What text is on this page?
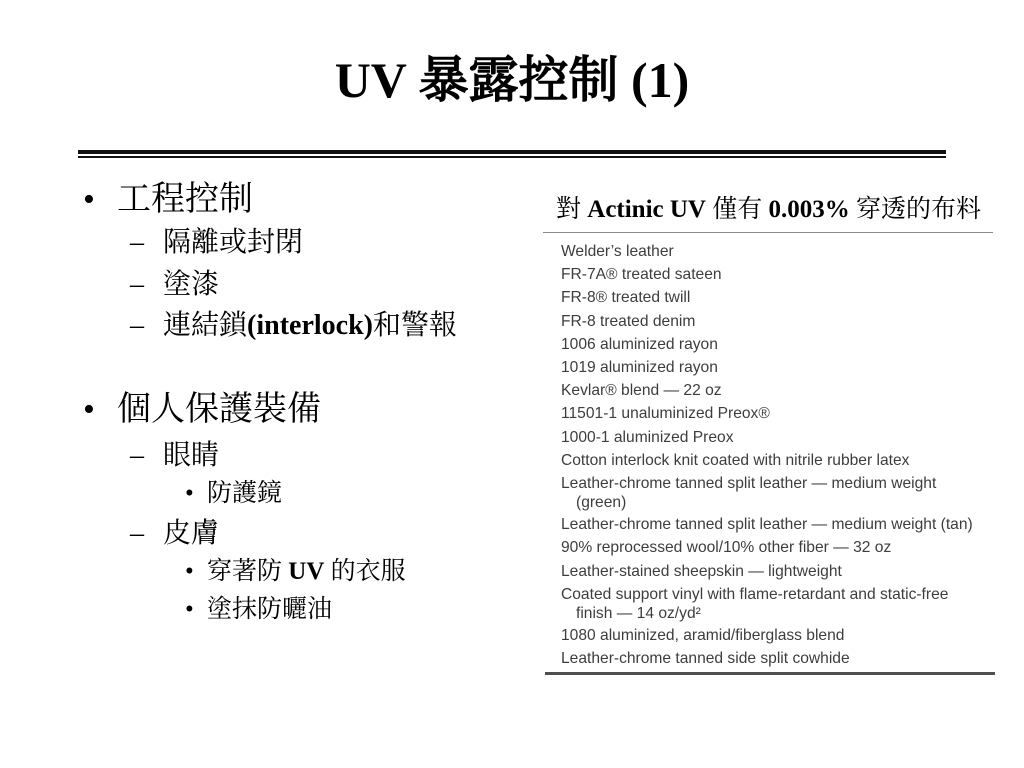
UV 暴露控制 (1)
• 工程控制
– 隔離或封閉
– 塗漆
– 連結鎖(interlock)和警報
• 個人保護裝備
– 眼睛
• 防護鏡
– 皮膚
• 穿著防 UV 的衣服
• 塗抹防曬油
對 Actinic UV 僅有 0.003% 穿透的布料
Welder’s leather
FR-7A® treated sateen
FR-8® treated twill
FR-8 treated denim
1006 aluminized rayon
1019 aluminized rayon
Kevlar® blend — 22 oz
11501-1 unaluminized Preox®
1000-1 aluminized Preox
Cotton interlock knit coated with nitrile rubber latex
Leather-chrome tanned split leather — medium weight
(green)
Leather-chrome tanned split leather — medium weight (tan)
90% reprocessed wool/10% other fiber — 32 oz
Leather-stained sheepskin — lightweight
Coated support vinyl with flame-retardant and static-free
finish — 14 oz/yd²
1080 aluminized, aramid/fiberglass blend
Leather-chrome tanned side split cowhide
